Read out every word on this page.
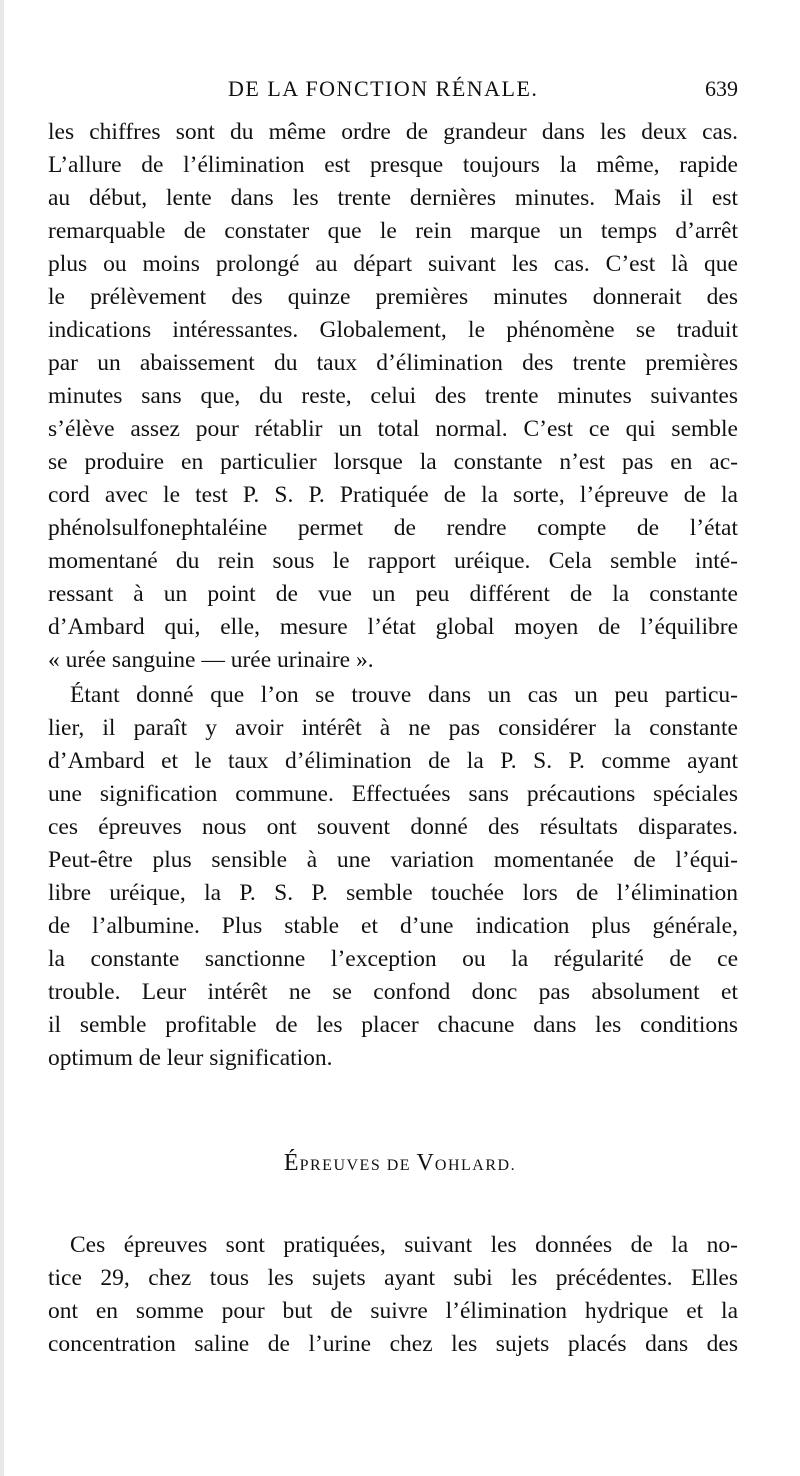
DE LA FONCTION RÉNALE.	639
les chiffres sont du même ordre de grandeur dans les deux cas.
L’allure de l’élimination est presque toujours la même, rapide
au début, lente dans les trente dernières minutes. Mais il est
remarquable de constater que le rein marque un temps d’arrêt
plus ou moins prolongé au départ suivant les cas. C’est là que
le prélèvement des quinze premières minutes donnerait des
indications intéressantes. Globalement, le phénomène se traduit
par un abaissement du taux d’élimination des trente premières
minutes sans que, du reste, celui des trente minutes suivantes
s’élève assez pour rétablir un total normal. C’est ce qui semble
se produire en particulier lorsque la constante n’est pas en ac-
cord avec le test P. S. P. Pratiquée de la sorte, l’épreuve de la
phénolsulfonephtaléine permet de rendre compte de l’état
momentané du rein sous le rapport uréique. Cela semble inté-
ressant à un point de vue un peu différent de la constante
d’Ambard qui, elle, mesure l’état global moyen de l’équilibre
« urée sanguine — urée urinaire ».
Étant donné que l’on se trouve dans un cas un peu particu-
lier, il paraît y avoir intérêt à ne pas considérer la constante
d’Ambard et le taux d’élimination de la P. S. P. comme ayant
une signification commune. Effectuées sans précautions spéciales
ces épreuves nous ont souvent donné des résultats disparates.
Peut-être plus sensible à une variation momentanée de l’équi-
libre uréique, la P. S. P. semble touchée lors de l’élimination
de l’albumine. Plus stable et d’une indication plus générale,
la constante sanctionne l’exception ou la régularité de ce
trouble. Leur intérêt ne se confond donc pas absolument et
il semble profitable de les placer chacune dans les conditions
optimum de leur signification.
ÉPREUVES DE VOHLARD.
Ces épreuves sont pratiquées, suivant les données de la no-
tice 29, chez tous les sujets ayant subi les précédentes. Elles
ont en somme pour but de suivre l’élimination hydrique et la
concentration saline de l’urine chez les sujets placés dans des
